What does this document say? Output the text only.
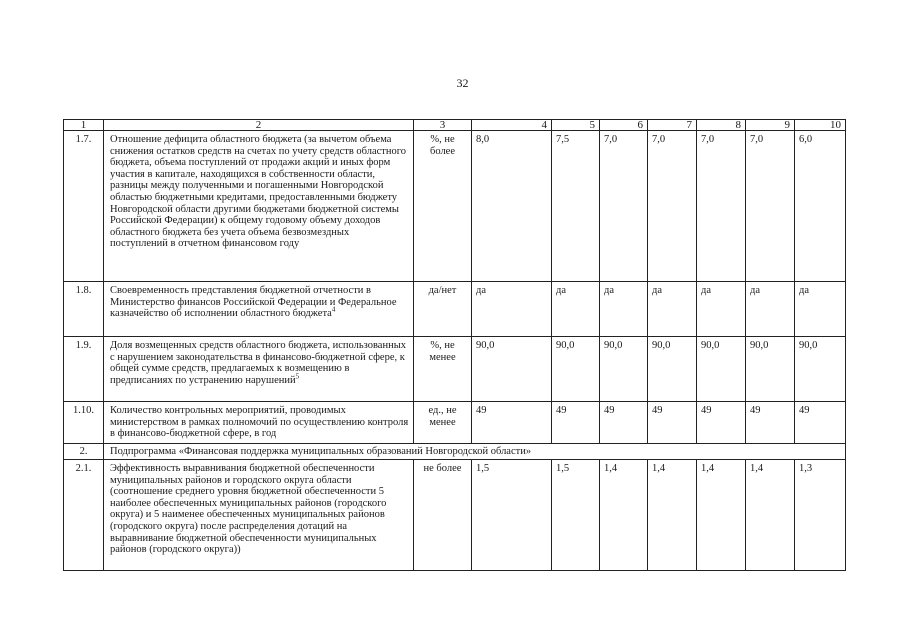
32
1	2	3	4	5	6	7	8	9	10
1.7.	Отношение дефицита областного бюджета (за вычетом объема снижения остатков средств на счетах по учету средств областного бюджета, объема поступлений от продажи акций и иных форм участия в капитале, находящихся в собственности области, разницы между полученными и погашенными Новгородской областью бюджетными кредитами, предоставленными бюджету Новгородской области другими бюджетами бюджетной системы Российской Федерации) к общему годовому объему доходов областного бюджета без учета объема безвозмездных поступлений в отчетном финансовом году	%, не более	8,0	7,5	7,0	7,0	7,0	7,0	6,0
1.8.	Своевременность представления бюджетной отчетности в Министерство финансов Российской Федерации и Федеральное казначейство об исполнении областного бюджета$^4$	да/нет	да	да	да	да	да	да	да
1.9.	Доля возмещенных средств областного бюджета, использованных с нарушением законодательства в финансово-бюджетной сфере, к общей сумме средств, предлагаемых к возмещению в предписаниях по устранению нарушений$^5$	%, не менее	90,0	90,0	90,0	90,0	90,0	90,0	90,0
1.10.	Количество контрольных мероприятий, проводимых министерством в рамках полномочий по осуществлению контроля в финансово-бюджетной сфере, в год	ед., не менее	49	49	49	49	49	49	49
2.	Подпрограмма «Финансовая поддержка муниципальных образований Новгородской области»								
2.1.	Эффективность выравнивания бюджетной обеспеченности муниципальных районов и городского округа области (соотношение среднего уровня бюджетной обеспеченности 5 наиболее обеспеченных муниципальных районов (городского округа) и 5 наименее обеспеченных муниципальных районов (городского округа) после распределения дотаций на выравнивание бюджетной обеспеченности муниципальных районов (городского округа))	не более	1,5	1,5	1,4	1,4	1,4	1,4	1,3
